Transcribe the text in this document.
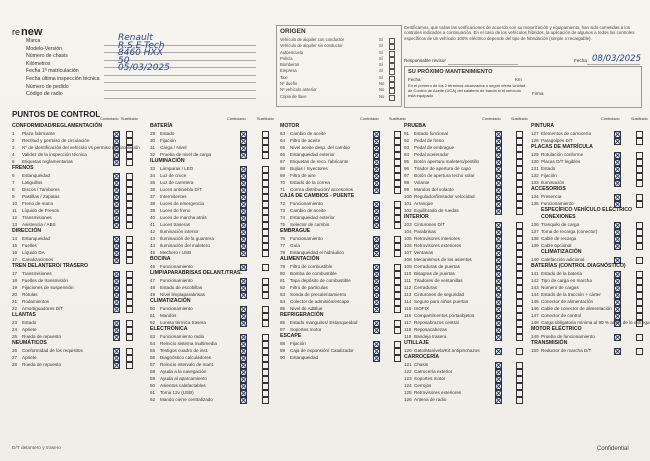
renew
Marca	Renault
Modelo-Versión	R.S.E-Tech
Número de chasis	8460 HXX
Kilómetros	50
Fecha 1ª matriculación	05/03/2025
Fecha última inspección técnica
Número de pedido
Código de radio
ORIGEN
Vehículo de alquiler con conductor	Sí
Vehículo de alquiler sin conductor	Sí
Autoescuela	Sí
Policía	Sí
Bomberos	Sí
Empresa	Sí
Taxi	Sí
Nº dueño	No
Nº vehículo anterior	No
Copia de llave	No
Certificamos, que todas las verificaciones de acuerdo con su motorización y equipamiento, han sido cometidas a los controles indicados a continuación. En el caso de los vehículos híbridos, la aplicación de algunos a todos los controles específicos de un vehículo 100% eléctrico depende del tipo de hibridación (simple o recargable).
Responsable revisor	Fecha 08/03/2025
SU PRÓXIMO MANTENIMIENTO
Fecha	Km
En el primero de los 2 términos alcanzados o según oferta Unidad de Control de Aceite (UCA) del salaterio de banda si el vehículo está equipado	Firma
PUNTOS DE CONTROL Controlado Sustituido
CONFORMIDAD/REGLAMENTACIÓN
1	Plaza fabricante
2	Rectitud y permiso de circulación
3	Nº de identificación del vehículo vs permiso de circulación
4	Validez de la inspección técnica
5	Etiquetas reglamentarias
FRENOS
6	Estanqueidad
7	Latiguillos
8	Discos / Tambores
9	Pastillas / Zapatas
10	Freno de mano
11	Líquido de Frenos
12	Transmisiones
13	Asistencia / ABS
DIRECCIÓN
14	Estanqueidad
15	Fuelles
16	Líquido DA
17	Canalizaciones
TREN DELANTERO/ TRASERO
17	Transmisiones
18	Fuelles de transmisión
19	Fijaciones de suspensión
20	Rótulas
21	Rodamientos
22	Amortiguadores D/T
LLANTAS
23	Estado
24	Apriete
25	Rueda de repuesto
NEUMÁTICOS
26	Conformidad de los requisitos
27	Apriete
28	Rueda de repuesto
Controlado	Sustituido
BATERÍA
29	Estado
30	Fijación
31	Carga / Nivel
32	Prueba de nivel de carga
ILUMINACIÓN
33	Lámparas / LED
34	Luz de cruce
35	Luz de carretera
36	Luces antiniebla D/T
37	Intermitentes
38	Luces de emergencia
39	Luces de freno
40	Luces de marcha atrás
41	Luces traseras
42	Iluminación interior
43	Iluminación de la guantera
44	Iluminación del maletero
45	Mechero / USB
BOCINA
46	Funcionamiento
LIMPIAPARABRISAS DELANT./TRAS.
47	Funcionamiento
48	Estado de escobillas
49	Nivel limpiaparabrisas
CLIMATIZACIÓN
50	Funcionamiento
51	Mandos
52	Luneta térmica trasera
ELECTRÓNICA
53	Funcionamiento radio
54	Reinicio sistema multimedia
55	Testigos cuadro de inst.
56	Diagnóstico calculadores
57	Reinicio intervalo de mant.
58	Ayuda a la navegación
59	Ayuda al aparcamiento
60	Asientos calefactables
61	Toma 12v (USB)
62	Mando cierre centralizado
Controlado	Sustituido
MOTOR
63	Cambio de aceite
64	Filtro de aceite
65	Nivel aceite desp. del cambio
66	Estanqueidad exterior
67	Etiquetas de reco. fabricante
68	Bujías / Inyectores
69	Filtro de aire
70	Estado de la correa
71	Correa distribución/ accesorios
CAJA DE CAMBIOS - PUENTE
72	Funcionamiento
73	Cambio de aceite
74	Estanqueidad exterior
75	Selector de cambio
EMBRAGUE
76	Funcionamiento
77	Guía
78	Estanqueidad el hidráulico
ALIMENTACIÓN
79	Filtro de combustible
80	Bomba de combustible
81	Tapa depósito de combustible
82	Filtro de partículas
83	Sonda de precalentamiento
84	Colector de admisión/escape
85	Nivel de AdBlue
REFRIGERACIÓN
86	Estado manguitos/ Estanqueidad
87	Soportes motor
ESCAPE
88	Fijación
89	Caja de expansión/ Catalizador
90	Estanqueidad
Controlado	Sustituido
PRUEBA
91	Estado funcional
92	Pedal de freno
93	Pedal de embrague
94	Pedal acelerador
95	Botón apertura maletero/pestillo
96	Tirador de apertura de capó
97	Botón de apertura techo solar
98	Volante
99	Mandos del volante
100 Regulador/limitador velocidad
101 Arranque
102 Equilibrado de ruedas
INTERIOR
103 Cinturones D/T
104 Parabrisas
105 Retrovisores interiores
106 Retrovisores exteriores
107 Ventanas
108 Mecanismos de los asientos
109 Cerraduras de puertas
110 Bisagras de puertas
111 Tiradores de ventanillas
112 Cerraduras
113 Cinturones de seguridad
114 Seguro para niños puertas
115 ISOFIX
116 Compartimentos portaobjetos
117 Reposabrazos central
118 Reposacabezas
119 Bandeja trasera
UTILLAJE
120 Gato/Manivela/Kit antipinchazos
CARROCERÍA
121 Chasis
122 Carrocería exterior
123 Soportes motor
124 Cerrojos
125 Retrovisores exteriores
126 Antena de radio
Controlado	Sustituido
PINTURA
127 Elementos de carrocería
128 Paragolpes D/T
PLACAS DE MATRÍCULA
129 Rotulación conforme
130 Placas D/T legibles
131 Estado
132 Fijación
133 Iluminación
ACCESORIOS
134 Presencia
135 Funcionamiento
ESPECÍFICO VEHÍCULO ELÉCTRICO
CONEXIONES
136 Tranquilo de carga
137 Toma de recarga (conector)
138 Cable de recarga
139 Cable opcional
CLIMATIZACIÓN
140 Calefacción adicional
BATERÍAS (CONTROL DIAGNÓSTICO)
141 Estado de la batería
142 Tipo de carga en marcha
143 Número de cargas
144 Estado de la tracción + cárter
145 Conector de alimentación
146 Cable de conector de alimentación
147 Conector de control
148 Carga obligatoria mínima al 90 % antes de la entrega
MOTOR ELÉCTRICO
149 Prueba de funcionamiento
TRANSMISIÓN
150 Reductor de marcha D/T
D/T delantero y trasero	Confidential
